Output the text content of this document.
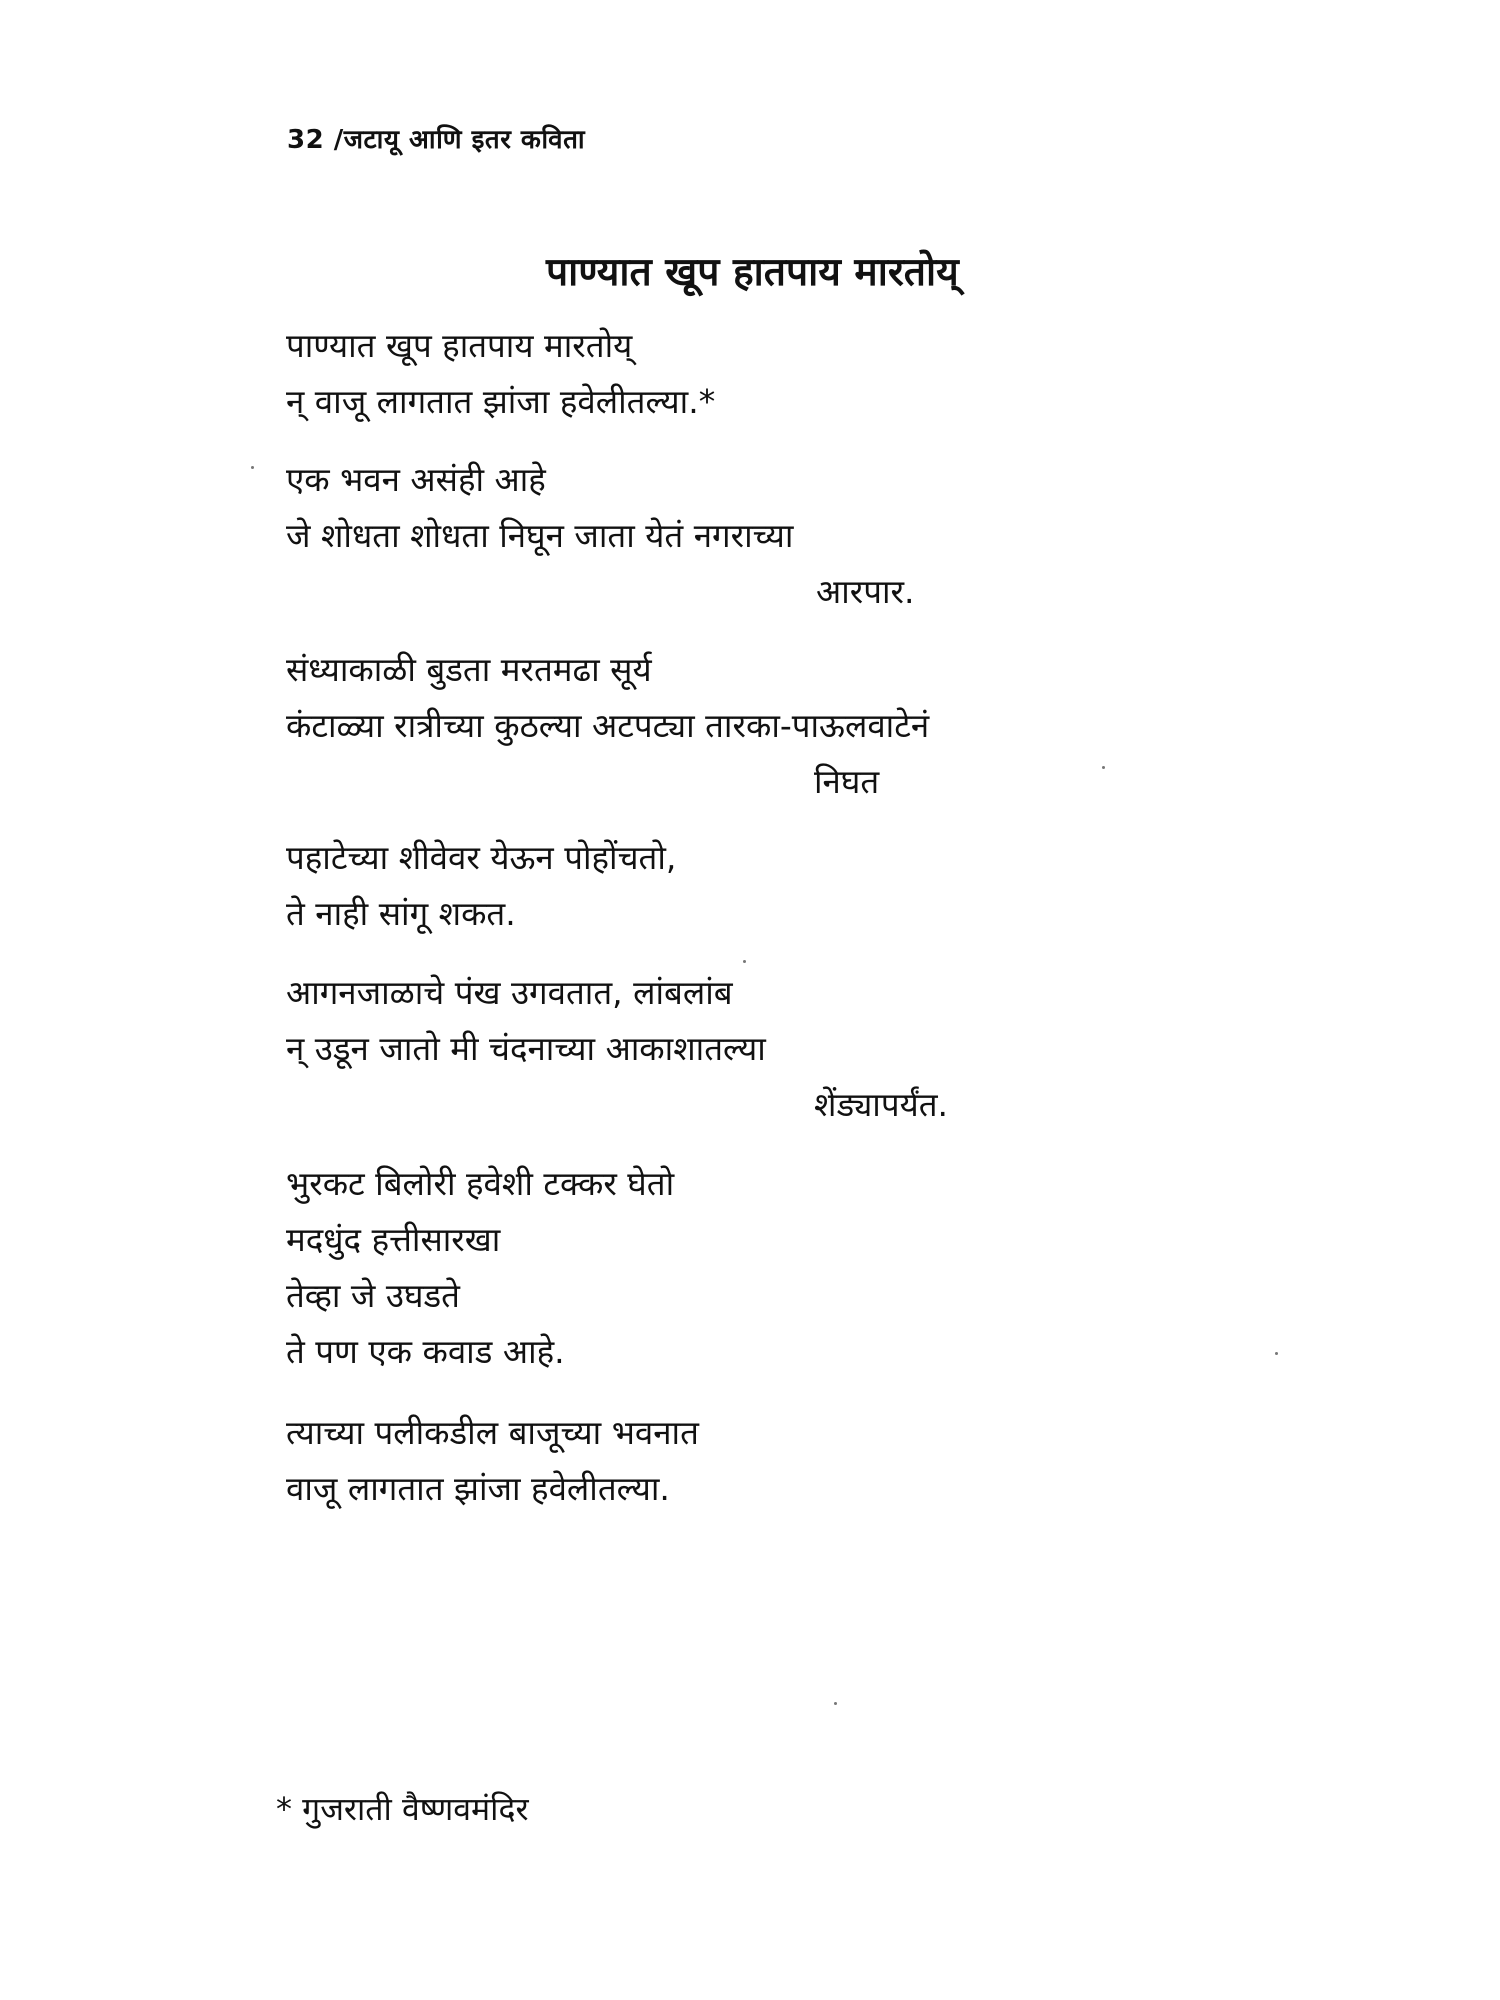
32 /जटायू आणि इतर कविता
पाण्यात खूप हातपाय मारतोय्
पाण्यात खूप हातपाय मारतोय्
न् वाजू लागतात झांजा हवेलीतल्या.*
एक भवन असंही आहे
जे शोधता शोधता निघून जाता येतं नगराच्या
आरपार.
संध्याकाळी बुडता मरतमढा सूर्य
कंटाळ्या रात्रीच्या कुठल्या अटपट्या तारका-पाऊलवाटेनं
निघत
पहाटेच्या शीवेवर येऊन पोहोंचतो,
ते नाही सांगू शकत.
आगनजाळाचे पंख उगवतात, लांबलांब
न् उडून जातो मी चंदनाच्या आकाशातल्या
शेंड्यापर्यंत.
भुरकट बिलोरी हवेशी टक्कर घेतो
मदधुंद हत्तीसारखा
तेव्हा जे उघडते
ते पण एक कवाड आहे.
त्याच्या पलीकडील बाजूच्या भवनात
वाजू लागतात झांजा हवेलीतल्या.
* गुजराती वैष्णवमंदिर
